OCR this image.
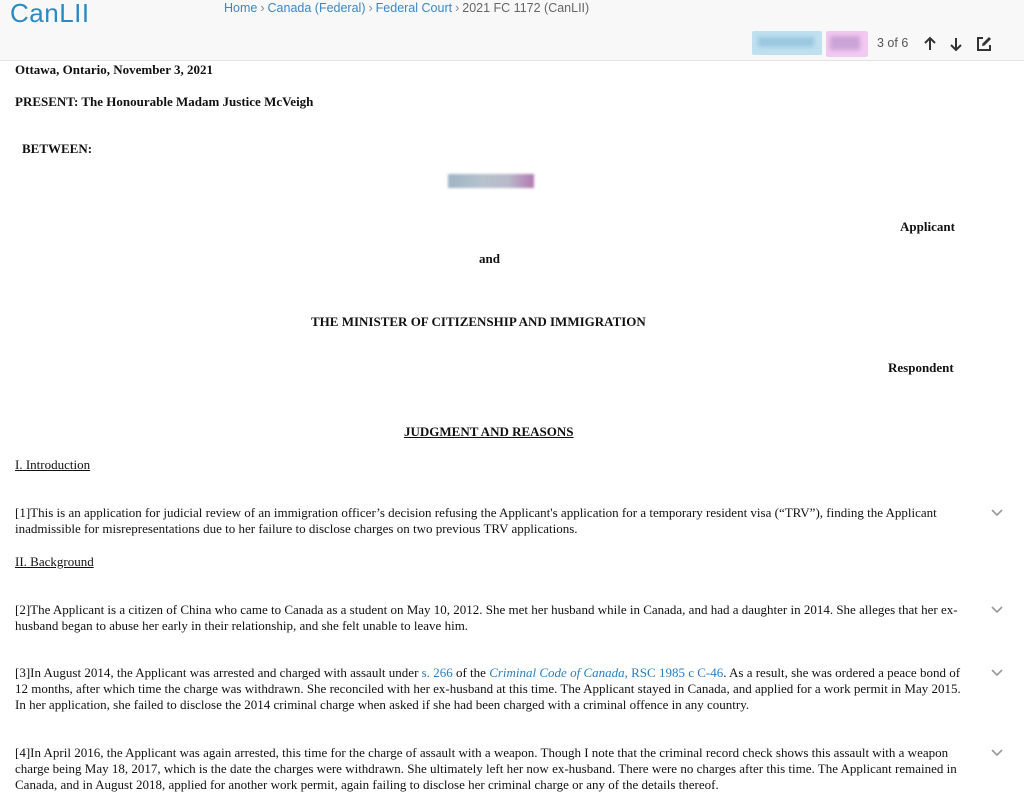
CanLII	Home › Canada (Federal) › Federal Court › 2021 FC 1172 (CanLII)
3 of 6
Ottawa, Ontario, November 3, 2021
PRESENT: The Honourable Madam Justice McVeigh
BETWEEN:
Applicant
and
THE MINISTER OF CITIZENSHIP AND IMMIGRATION
Respondent
JUDGMENT AND REASONS
I. Introduction
[1]This is an application for judicial review of an immigration officer’s decision refusing the Applicant's application for a temporary resident visa (“TRV”), finding the Applicant inadmissible for misrepresentations due to her failure to disclose charges on two previous TRV applications.
II. Background
[2]The Applicant is a citizen of China who came to Canada as a student on May 10, 2012. She met her husband while in Canada, and had a daughter in 2014. She alleges that her ex-husband began to abuse her early in their relationship, and she felt unable to leave him.
[3]In August 2014, the Applicant was arrested and charged with assault under s. 266 of the Criminal Code of Canada, RSC 1985 c C-46. As a result, she was ordered a peace bond of 12 months, after which time the charge was withdrawn. She reconciled with her ex-husband at this time. The Applicant stayed in Canada, and applied for a work permit in May 2015. In her application, she failed to disclose the 2014 criminal charge when asked if she had been charged with a criminal offence in any country.
[4]In April 2016, the Applicant was again arrested, this time for the charge of assault with a weapon. Though I note that the criminal record check shows this assault with a weapon charge being May 18, 2017, which is the date the charges were withdrawn. She ultimately left her now ex-husband. There were no charges after this time. The Applicant remained in Canada, and in August 2018, applied for another work permit, again failing to disclose her criminal charge or any of the details thereof.
